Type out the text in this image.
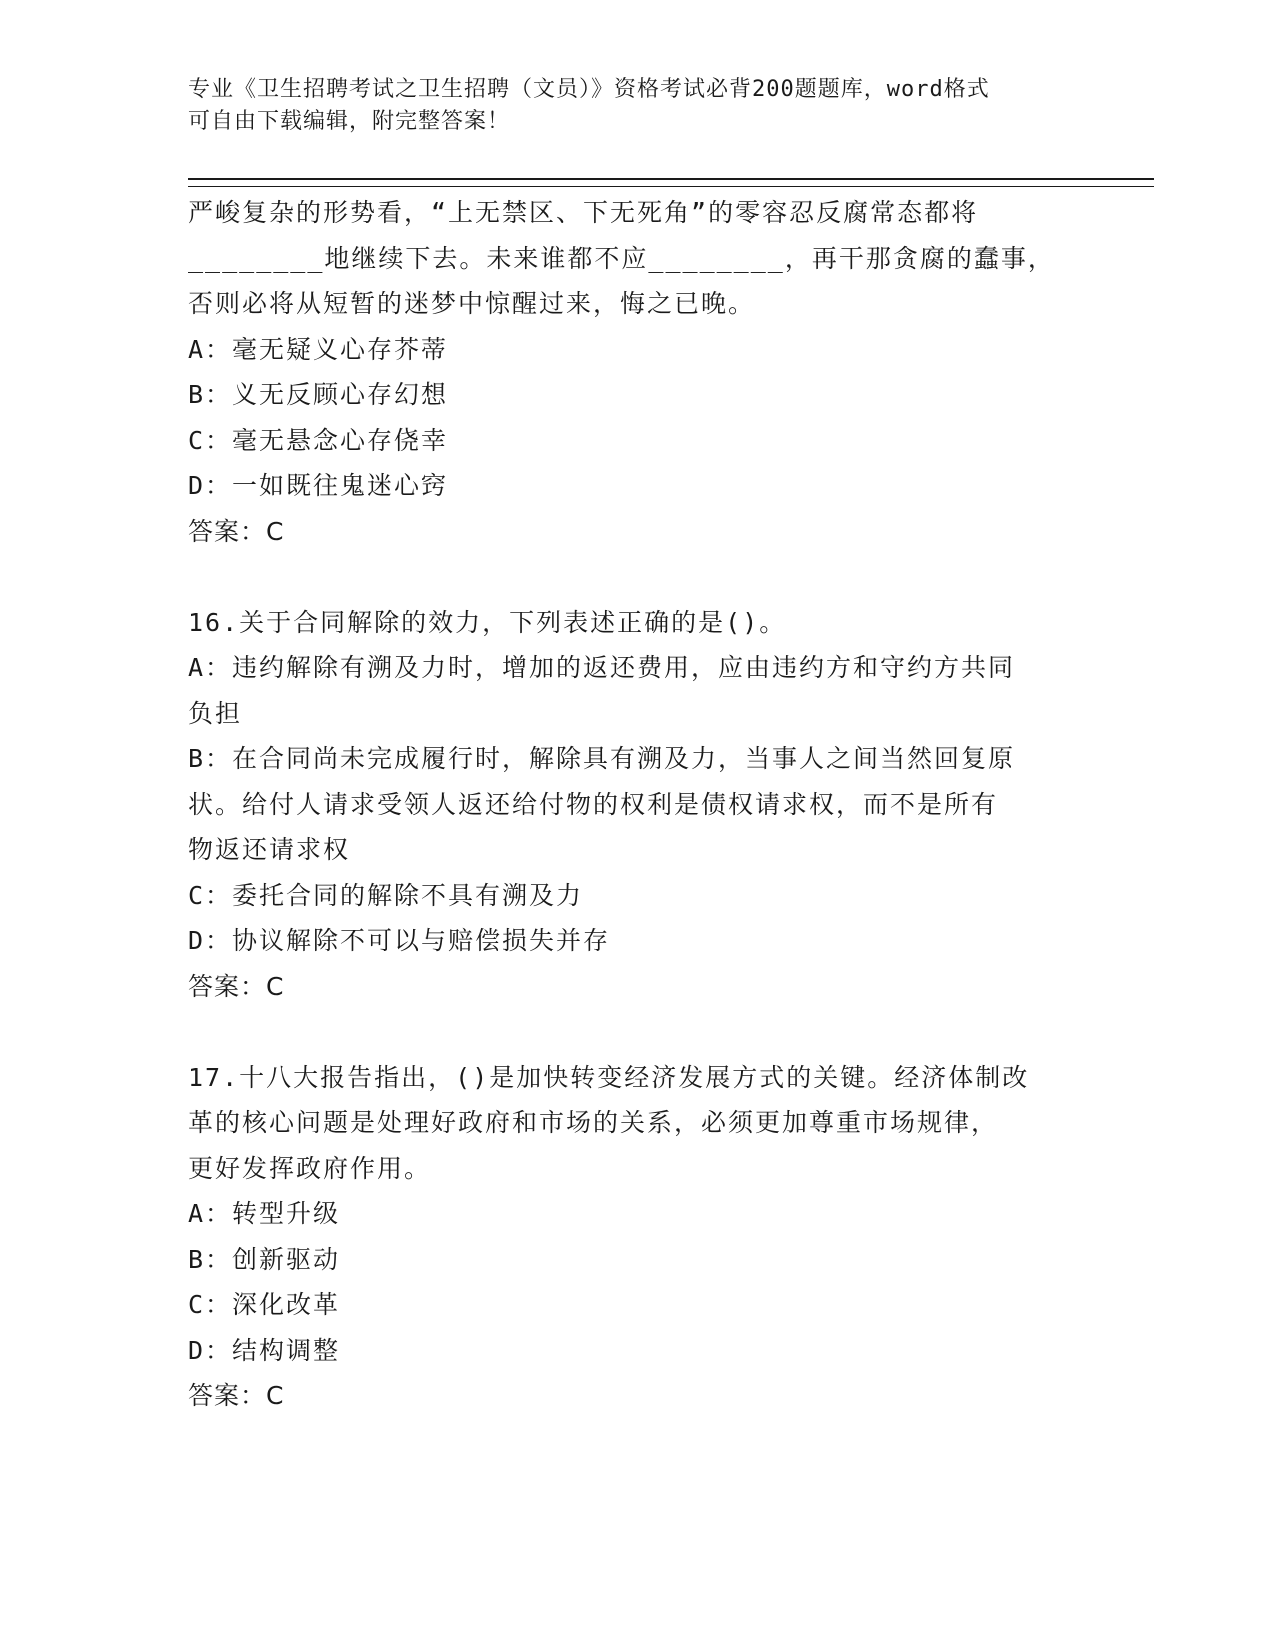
专业《卫生招聘考试之卫生招聘（文员）》资格考试必背200题题库，word格式
可自由下载编辑，附完整答案！
严峻复杂的形势看，“上无禁区、下无死角”的零容忍反腐常态都将
________地继续下去。未来谁都不应________，再干那贪腐的蠢事，
否则必将从短暂的迷梦中惊醒过来，悔之已晚。
A：毫无疑义心存芥蒂
B：义无反顾心存幻想
C：毫无悬念心存侥幸
D：一如既往鬼迷心窍
答案：C
16.关于合同解除的效力，下列表述正确的是()。
A：违约解除有溯及力时，增加的返还费用，应由违约方和守约方共同
负担
B：在合同尚未完成履行时，解除具有溯及力，当事人之间当然回复原
状。给付人请求受领人返还给付物的权利是债权请求权，而不是所有
物返还请求权
C：委托合同的解除不具有溯及力
D：协议解除不可以与赔偿损失并存
答案：C
17.十八大报告指出，()是加快转变经济发展方式的关键。经济体制改
革的核心问题是处理好政府和市场的关系，必须更加尊重市场规律，
更好发挥政府作用。
A：转型升级
B：创新驱动
C：深化改革
D：结构调整
答案：C
